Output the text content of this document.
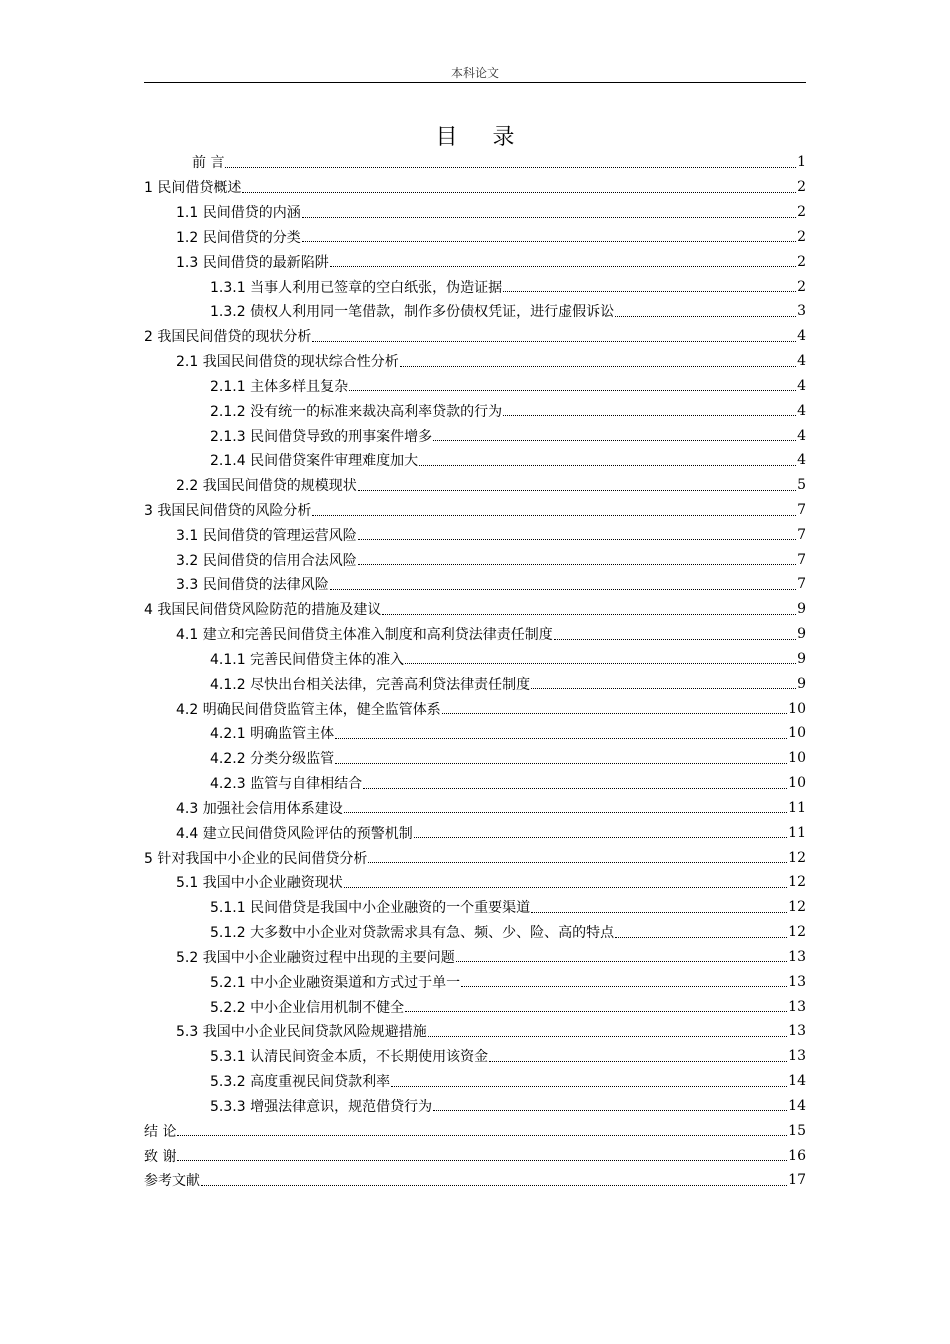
本科论文
目 录
前 言	1
1 民间借贷概述	2
1.1 民间借贷的内涵	2
1.2 民间借贷的分类	2
1.3 民间借贷的最新陷阱	2
1.3.1 当事人利用已签章的空白纸张，伪造证据	2
1.3.2 债权人利用同一笔借款，制作多份债权凭证，进行虚假诉讼	3
2 我国民间借贷的现状分析	4
2.1 我国民间借贷的现状综合性分析	4
2.1.1 主体多样且复杂	4
2.1.2 没有统一的标准来裁决高利率贷款的行为	4
2.1.3 民间借贷导致的刑事案件增多	4
2.1.4 民间借贷案件审理难度加大	4
2.2 我国民间借贷的规模现状	5
3 我国民间借贷的风险分析	7
3.1 民间借贷的管理运营风险	7
3.2 民间借贷的信用合法风险	7
3.3 民间借贷的法律风险	7
4 我国民间借贷风险防范的措施及建议	9
4.1 建立和完善民间借贷主体准入制度和高利贷法律责任制度	9
4.1.1 完善民间借贷主体的准入	9
4.1.2 尽快出台相关法律，完善高利贷法律责任制度	9
4.2 明确民间借贷监管主体，健全监管体系	10
4.2.1 明确监管主体	10
4.2.2 分类分级监管	10
4.2.3 监管与自律相结合	10
4.3 加强社会信用体系建设	11
4.4 建立民间借贷风险评估的预警机制	11
5 针对我国中小企业的民间借贷分析	12
5.1 我国中小企业融资现状	12
5.1.1 民间借贷是我国中小企业融资的一个重要渠道	12
5.1.2 大多数中小企业对贷款需求具有急、频、少、险、高的特点	12
5.2 我国中小企业融资过程中出现的主要问题	13
5.2.1 中小企业融资渠道和方式过于单一	13
5.2.2 中小企业信用机制不健全	13
5.3 我国中小企业民间贷款风险规避措施	13
5.3.1 认清民间资金本质，不长期使用该资金	13
5.3.2 高度重视民间贷款利率	14
5.3.3 增强法律意识，规范借贷行为	14
结 论	15
致 谢	16
参考文献	17
